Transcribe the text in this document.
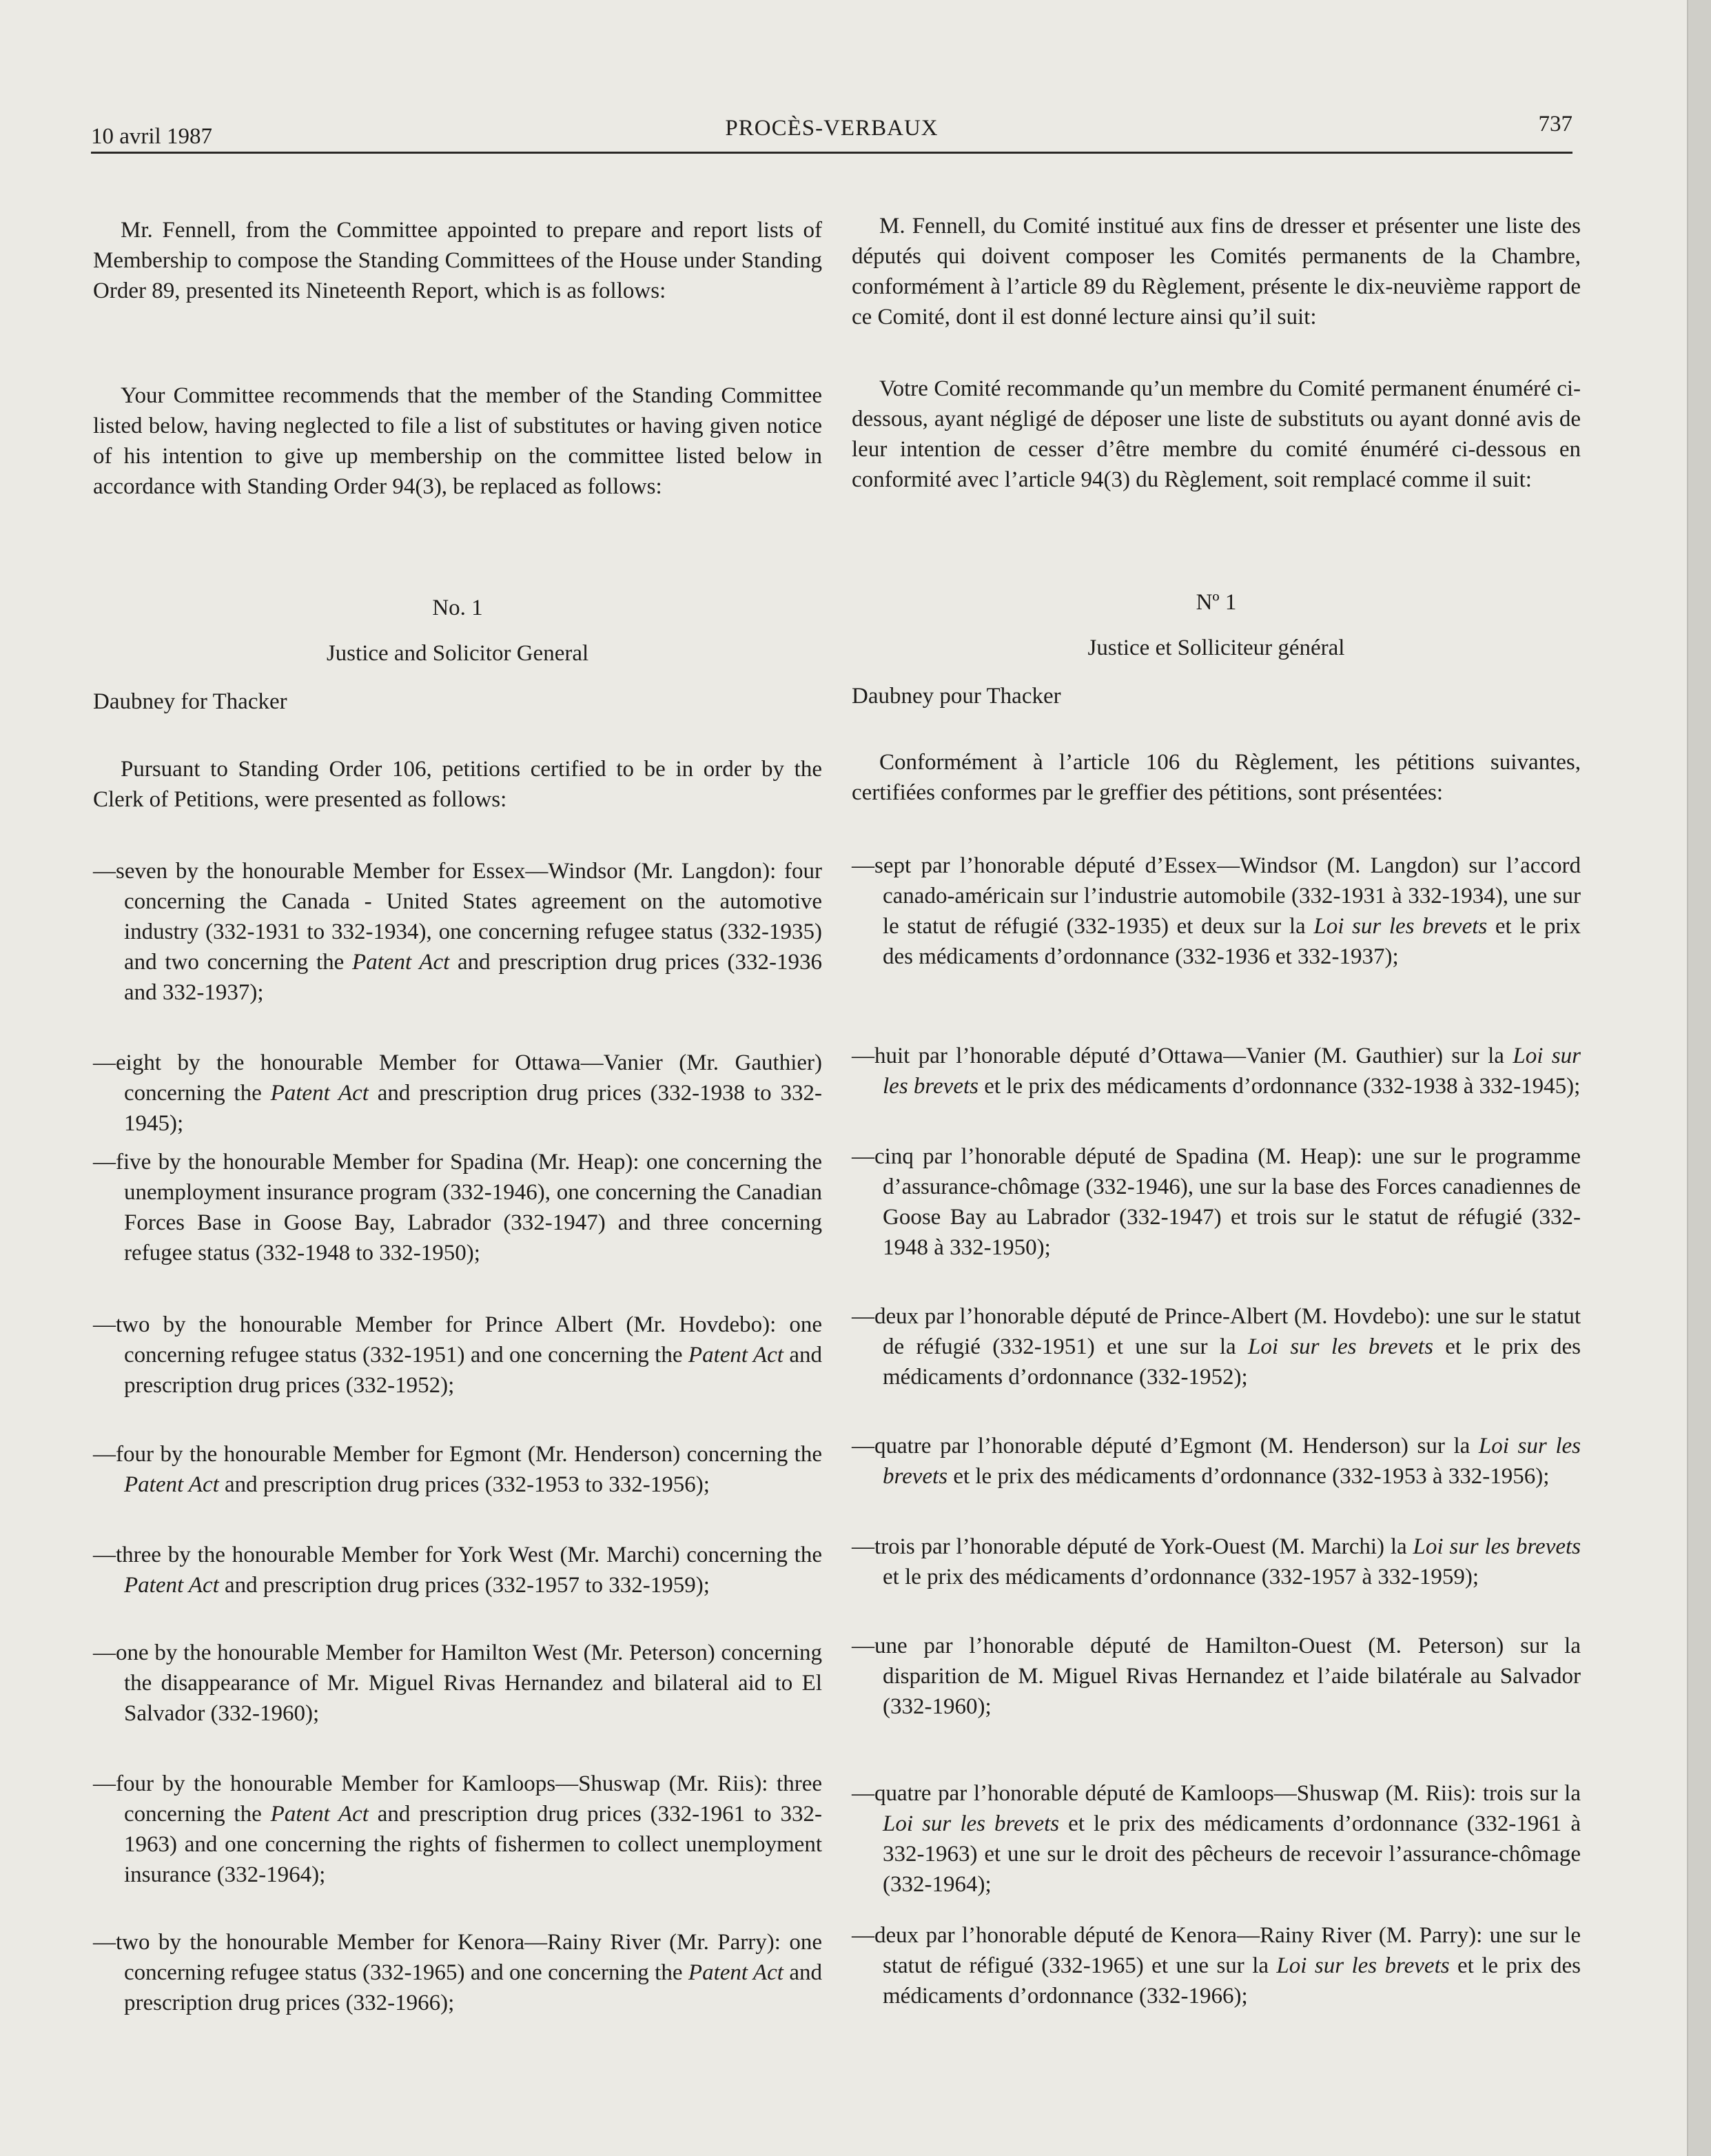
10 avril 1987	PROCÈS-VERBAUX	737

Mr. Fennell, from the Committee appointed to prepare and report lists of Membership to compose the Standing Committees of the House under Standing Order 89, presented its Nineteenth Report, which is as follows:

Your Committee recommends that the member of the Standing Committee listed below, having neglected to file a list of substitutes or having given notice of his intention to give up membership on the committee listed below in accordance with Standing Order 94(3), be replaced as follows:

No. 1

Justice and Solicitor General

Daubney for Thacker

Pursuant to Standing Order 106, petitions certified to be in order by the Clerk of Petitions, were presented as follows:

—seven by the honourable Member for Essex—Windsor (Mr. Langdon): four concerning the Canada - United States agreement on the automotive industry (332-1931 to 332-1934), one concerning refugee status (332-1935) and two concerning the Patent Act and prescription drug prices (332-1936 and 332-1937);

—eight by the honourable Member for Ottawa—Vanier (Mr. Gauthier) concerning the Patent Act and prescription drug prices (332-1938 to 332-1945);

—five by the honourable Member for Spadina (Mr. Heap): one concerning the unemployment insurance program (332-1946), one concerning the Canadian Forces Base in Goose Bay, Labrador (332-1947) and three concerning refugee status (332-1948 to 332-1950);

—two by the honourable Member for Prince Albert (Mr. Hovdebo): one concerning refugee status (332-1951) and one concerning the Patent Act and prescription drug prices (332-1952);

—four by the honourable Member for Egmont (Mr. Henderson) concerning the Patent Act and prescription drug prices (332-1953 to 332-1956);

—three by the honourable Member for York West (Mr. Marchi) concerning the Patent Act and prescription drug prices (332-1957 to 332-1959);

—one by the honourable Member for Hamilton West (Mr. Peterson) concerning the disappearance of Mr. Miguel Rivas Hernandez and bilateral aid to El Salvador (332-1960);

—four by the honourable Member for Kamloops—Shuswap (Mr. Riis): three concerning the Patent Act and prescription drug prices (332-1961 to 332-1963) and one concerning the rights of fishermen to collect unemployment insurance (332-1964);

—two by the honourable Member for Kenora—Rainy River (Mr. Parry): one concerning refugee status (332-1965) and one concerning the Patent Act and prescription drug prices (332-1966);

M. Fennell, du Comité institué aux fins de dresser et présenter une liste des députés qui doivent composer les Comités permanents de la Chambre, conformément à l’article 89 du Règlement, présente le dix-neuvième rapport de ce Comité, dont il est donné lecture ainsi qu’il suit:

Votre Comité recommande qu’un membre du Comité permanent énuméré ci-dessous, ayant négligé de déposer une liste de substituts ou ayant donné avis de leur intention de cesser d’être membre du comité énuméré ci-dessous en conformité avec l’article 94(3) du Règlement, soit remplacé comme il suit:

Nº 1

Justice et Solliciteur général

Daubney pour Thacker

Conformément à l’article 106 du Règlement, les pétitions suivantes, certifiées conformes par le greffier des pétitions, sont présentées:

—sept par l’honorable député d’Essex—Windsor (M. Langdon) sur l’accord canado-américain sur l’industrie automobile (332-1931 à 332-1934), une sur le statut de réfugié (332-1935) et deux sur la Loi sur les brevets et le prix des médicaments d’ordonnance (332-1936 et 332-1937);

—huit par l’honorable député d’Ottawa—Vanier (M. Gauthier) sur la Loi sur les brevets et le prix des médicaments d’ordonnance (332-1938 à 332-1945);

—cinq par l’honorable député de Spadina (M. Heap): une sur le programme d’assurance-chômage (332-1946), une sur la base des Forces canadiennes de Goose Bay au Labrador (332-1947) et trois sur le statut de réfugié (332-1948 à 332-1950);

—deux par l’honorable député de Prince-Albert (M. Hovdebo): une sur le statut de réfugié (332-1951) et une sur la Loi sur les brevets et le prix des médicaments d’ordonnance (332-1952);

—quatre par l’honorable député d’Egmont (M. Henderson) sur la Loi sur les brevets et le prix des médicaments d’ordonnance (332-1953 à 332-1956);

—trois par l’honorable député de York-Ouest (M. Marchi) la Loi sur les brevets et le prix des médicaments d’ordonnance (332-1957 à 332-1959);

—une par l’honorable député de Hamilton-Ouest (M. Peterson) sur la disparition de M. Miguel Rivas Hernandez et l’aide bilatérale au Salvador (332-1960);

—quatre par l’honorable député de Kamloops—Shuswap (M. Riis): trois sur la Loi sur les brevets et le prix des médicaments d’ordonnance (332-1961 à 332-1963) et une sur le droit des pêcheurs de recevoir l’assurance-chômage (332-1964);

—deux par l’honorable député de Kenora—Rainy River (M. Parry): une sur le statut de réfigué (332-1965) et une sur la Loi sur les brevets et le prix des médicaments d’ordonnance (332-1966);
